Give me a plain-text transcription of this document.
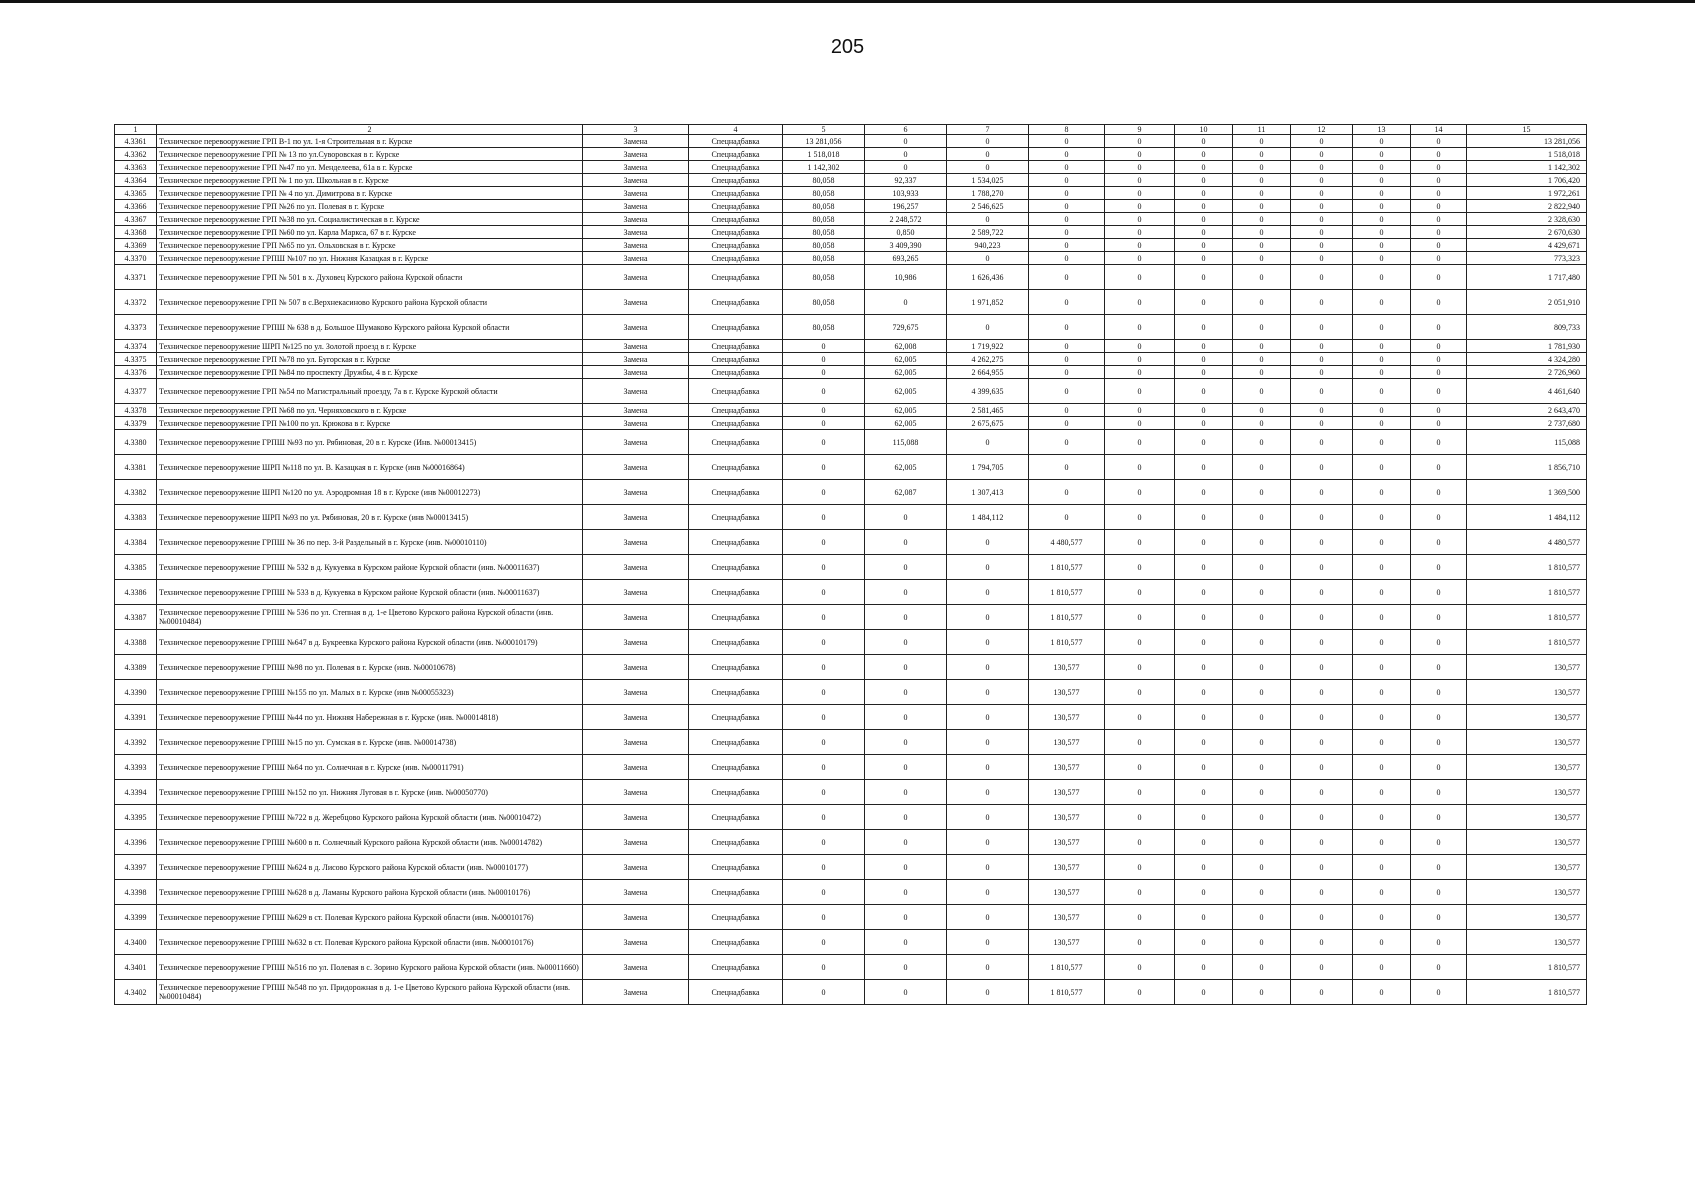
205
1	2	3	4	5	6	7	8	9	10	11	12	13	14	15
4.3361	Техническое перевооружение ГРП В-1 по ул. 1-я Строительная в г. Курске	Замена	Спецнадбавка	13 281,056	0	0	0	0	0	0	0	0	0	13 281,056
4.3362	Техническое перевооружение ГРП № 13 по ул.Суворовская в г. Курске	Замена	Спецнадбавка	1 518,018	0	0	0	0	0	0	0	0	0	1 518,018
4.3363	Техническое перевооружение ГРП №47 по ул. Менделеева, 61а в г. Курске	Замена	Спецнадбавка	1 142,302	0	0	0	0	0	0	0	0	0	1 142,302
4.3364	Техническое перевооружение ГРП № 1 по ул. Школьная в г. Курске	Замена	Спецнадбавка	80,058	92,337	1 534,025	0	0	0	0	0	0	0	1 706,420
4.3365	Техническое перевооружение ГРП № 4 по ул. Димитрова в г. Курске	Замена	Спецнадбавка	80,058	103,933	1 788,270	0	0	0	0	0	0	0	1 972,261
4.3366	Техническое перевооружение ГРП №26 по ул. Полевая в г. Курске	Замена	Спецнадбавка	80,058	196,257	2 546,625	0	0	0	0	0	0	0	2 822,940
4.3367	Техническое перевооружение ГРП №38 по ул. Социалистическая в г. Курске	Замена	Спецнадбавка	80,058	2 248,572	0	0	0	0	0	0	0	0	2 328,630
4.3368	Техническое перевооружение ГРП №60 по ул. Карла Маркса, 67 в г. Курске	Замена	Спецнадбавка	80,058	0,850	2 589,722	0	0	0	0	0	0	0	2 670,630
4.3369	Техническое перевооружение ГРП №65 по ул. Ольховская в г. Курске	Замена	Спецнадбавка	80,058	3 409,390	940,223	0	0	0	0	0	0	0	4 429,671
4.3370	Техническое перевооружение ГРПШ №107 по ул. Нижняя Казацкая в г. Курске	Замена	Спецнадбавка	80,058	693,265	0	0	0	0	0	0	0	0	773,323
4.3371	Техническое перевооружение ГРП № 501 в х. Духовец Курского района Курской области	Замена	Спецнадбавка	80,058	10,986	1 626,436	0	0	0	0	0	0	0	1 717,480
4.3372	Техническое перевооружение ГРП № 507 в с.Верхнекасиново Курского района Курской области	Замена	Спецнадбавка	80,058	0	1 971,852	0	0	0	0	0	0	0	2 051,910
4.3373	Техническое перевооружение ГРПШ № 638 в д. Большое Шумаково Курского района Курской области	Замена	Спецнадбавка	80,058	729,675	0	0	0	0	0	0	0	0	809,733
4.3374	Техническое перевооружение ШРП №125 по ул. Золотой проезд в г. Курске	Замена	Спецнадбавка	0	62,008	1 719,922	0	0	0	0	0	0	0	1 781,930
4.3375	Техническое перевооружение ГРП №78 по ул. Бугорская в г. Курске	Замена	Спецнадбавка	0	62,005	4 262,275	0	0	0	0	0	0	0	4 324,280
4.3376	Техническое перевооружение ГРП №84 по проспекту Дружбы, 4 в г. Курске	Замена	Спецнадбавка	0	62,005	2 664,955	0	0	0	0	0	0	0	2 726,960
4.3377	Техническое перевооружение ГРП №54 по Магистральный проезду, 7а в г. Курске Курской области	Замена	Спецнадбавка	0	62,005	4 399,635	0	0	0	0	0	0	0	4 461,640
4.3378	Техническое перевооружение ГРП №68 по ул. Черняховского в г. Курске	Замена	Спецнадбавка	0	62,005	2 581,465	0	0	0	0	0	0	0	2 643,470
4.3379	Техническое перевооружение ГРП №100 по ул. Крюкова в г. Курске	Замена	Спецнадбавка	0	62,005	2 675,675	0	0	0	0	0	0	0	2 737,680
4.3380	Техническое перевооружение ГРПШ №93 по ул. Рябиновая, 20 в г. Курске (Инв. №00013415)	Замена	Спецнадбавка	0	115,088	0	0	0	0	0	0	0	0	115,088
4.3381	Техническое перевооружение ШРП №118 по ул. В. Казацкая в г. Курске (инв №00016864)	Замена	Спецнадбавка	0	62,005	1 794,705	0	0	0	0	0	0	0	1 856,710
4.3382	Техническое перевооружение ШРП №120 по ул. Аэродромная 18 в г. Курске (инв №00012273)	Замена	Спецнадбавка	0	62,087	1 307,413	0	0	0	0	0	0	0	1 369,500
4.3383	Техническое перевооружение ШРП №93 по ул. Рябиновая, 20 в г. Курске (инв №00013415)	Замена	Спецнадбавка	0	0	1 484,112	0	0	0	0	0	0	0	1 484,112
4.3384	Техническое перевооружение ГРПШ № 36 по пер. 3-й Раздельный в г. Курске (инв. №00010110)	Замена	Спецнадбавка	0	0	0	4 480,577	0	0	0	0	0	0	4 480,577
4.3385	Техническое перевооружение ГРПШ № 532 в д. Кукуевка в Курском районе Курской области (инв. №00011637)	Замена	Спецнадбавка	0	0	0	1 810,577	0	0	0	0	0	0	1 810,577
4.3386	Техническое перевооружение ГРПШ № 533 в д. Кукуевка в Курском районе Курской области (инв. №00011637)	Замена	Спецнадбавка	0	0	0	1 810,577	0	0	0	0	0	0	1 810,577
4.3387	Техническое перевооружение ГРПШ № 536 по ул. Степная в д. 1-е Цветово Курского района Курской области (инв. №00010484)	Замена	Спецнадбавка	0	0	0	1 810,577	0	0	0	0	0	0	1 810,577
4.3388	Техническое перевооружение ГРПШ №647 в д. Букреевка Курского района Курской области (инв. №00010179)	Замена	Спецнадбавка	0	0	0	1 810,577	0	0	0	0	0	0	1 810,577
4.3389	Техническое перевооружение ГРПШ №98 по ул. Полевая в г. Курске (инв. №00010678)	Замена	Спецнадбавка	0	0	0	130,577	0	0	0	0	0	0	130,577
4.3390	Техническое перевооружение ГРПШ №155 по ул. Малых в г. Курске (инв №00055323)	Замена	Спецнадбавка	0	0	0	130,577	0	0	0	0	0	0	130,577
4.3391	Техническое перевооружение ГРПШ №44 по ул. Нижняя Набережная в г. Курске (инв. №00014818)	Замена	Спецнадбавка	0	0	0	130,577	0	0	0	0	0	0	130,577
4.3392	Техническое перевооружение ГРПШ №15 по ул. Сумская в г. Курске (инв. №00014738)	Замена	Спецнадбавка	0	0	0	130,577	0	0	0	0	0	0	130,577
4.3393	Техническое перевооружение ГРПШ №64 по ул. Солнечная в г. Курске (инв. №00011791)	Замена	Спецнадбавка	0	0	0	130,577	0	0	0	0	0	0	130,577
4.3394	Техническое перевооружение ГРПШ №152 по ул. Нижняя Луговая в г. Курске (инв. №00050770)	Замена	Спецнадбавка	0	0	0	130,577	0	0	0	0	0	0	130,577
4.3395	Техническое перевооружение ГРПШ №722 в д. Жеребцово Курского района Курской области (инв. №00010472)	Замена	Спецнадбавка	0	0	0	130,577	0	0	0	0	0	0	130,577
4.3396	Техническое перевооружение ГРПШ №600 в п. Солнечный Курского района Курской области (инв. №00014782)	Замена	Спецнадбавка	0	0	0	130,577	0	0	0	0	0	0	130,577
4.3397	Техническое перевооружение ГРПШ №624 в д. Лисово Курского района Курской области (инв. №00010177)	Замена	Спецнадбавка	0	0	0	130,577	0	0	0	0	0	0	130,577
4.3398	Техническое перевооружение ГРПШ №628 в д. Ламаны Курского района Курской области (инв. №00010176)	Замена	Спецнадбавка	0	0	0	130,577	0	0	0	0	0	0	130,577
4.3399	Техническое перевооружение ГРПШ №629 в ст. Полевая Курского района Курской области (инв. №00010176)	Замена	Спецнадбавка	0	0	0	130,577	0	0	0	0	0	0	130,577
4.3400	Техническое перевооружение ГРПШ №632 в ст. Полевая Курского района Курской области (инв. №00010176)	Замена	Спецнадбавка	0	0	0	130,577	0	0	0	0	0	0	130,577
4.3401	Техническое перевооружение ГРПШ №516 по ул. Полевая в с. Зорино Курского района Курской области (инв. №00011660)	Замена	Спецнадбавка	0	0	0	1 810,577	0	0	0	0	0	0	1 810,577
4.3402	Техническое перевооружение ГРПШ №548 по ул. Придорожная в д. 1-е Цветово Курского района Курской области (инв. №00010484)	Замена	Спецнадбавка	0	0	0	1 810,577	0	0	0	0	0	0	1 810,577
